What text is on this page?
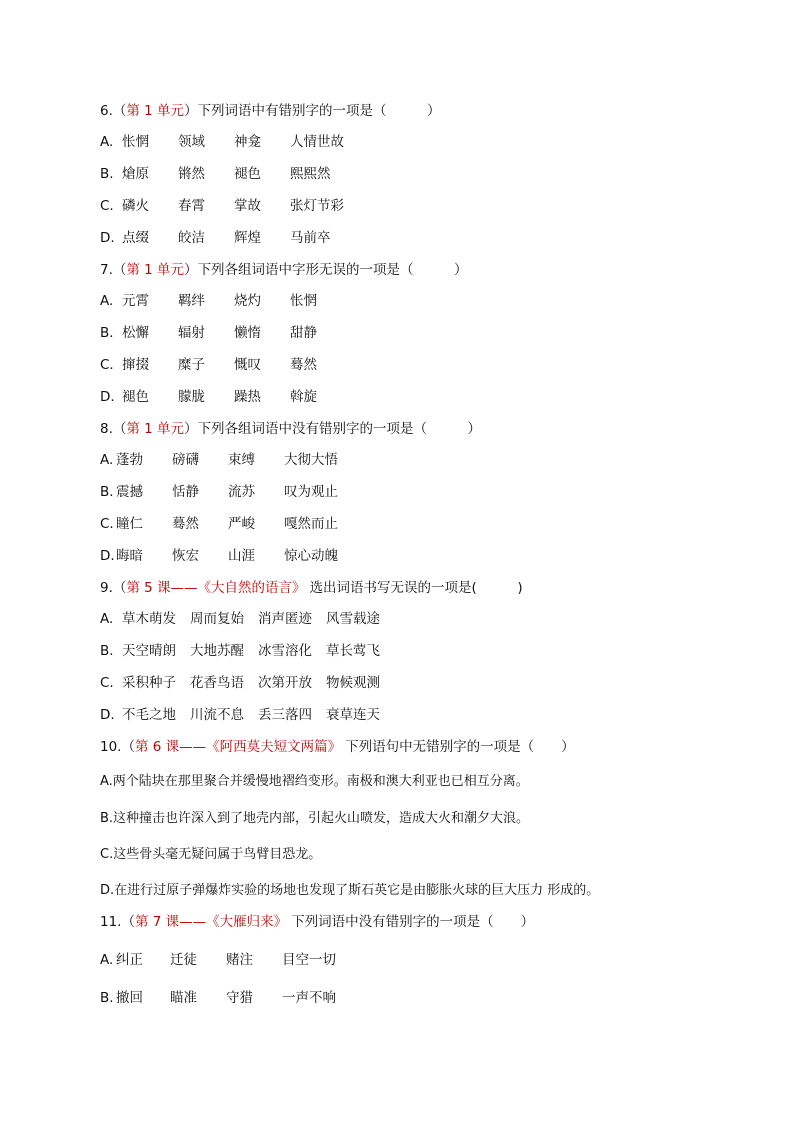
6.（第 1 单元）下列词语中有错别字的一项是（　　　）
A. 怅惘 领域 神龛 人情世故
B. 熗原 锵然 褪色 熙熙然
C. 磷火 春霄 掌故 张灯节彩
D. 点缀 皎洁 辉煌 马前卒
7.（第 1 单元）下列各组词语中字形无误的一项是（　　　）
A. 元霄 羁绊 烧灼 怅惘
B. 松懈 辐射 懒惰 甜静
C. 撺掇 糜子 慨叹 蓦然
D. 褪色 朦胧 躁热 斡旋
8.（第 1 单元）下列各组词语中没有错别字的一项是（　　　）
A. 蓬勃 磅礴 束缚 大彻大悟
B. 震撼 恬静 流苏 叹为观止
C. 瞳仁 蓦然 严峻 嘎然而止
D.晦暗 恢宏 山涯 惊心动魄
9.（第 5 课——《大自然的语言》 选出词语书写无误的一项是(　　　)
A. 草木萌发 周而复始 消声匿迹 风雪载途
B. 天空晴朗 大地苏醒 冰雪溶化 草长莺飞
C. 采积种子 花香鸟语 次第开放 物候观测
D. 不毛之地 川流不息 丢三落四 衰草连天
10.（第 6 课——《阿西莫夫短文两篇》 下列语句中无错别字的一项是（　　）
A.两个陆块在那里聚合并缓慢地褶绉变形。南极和澳大利亚也已相互分离。
B.这种撞击也许深入到了地壳内部，引起火山喷发，造成大火和潮夕大浪。
C.这些骨头毫无疑问属于鸟臂目恐龙。
D.在进行过原子弹爆炸实验的场地也发现了斯石英它是由膨胀火球的巨大压力 形成的。
11.（第 7 课——《大雁归来》 下列词语中没有错别字的一项是（　　）
A. 纠正 迁徒 赌注 目空一切
B. 撤回 瞄准 守猎 一声不响
